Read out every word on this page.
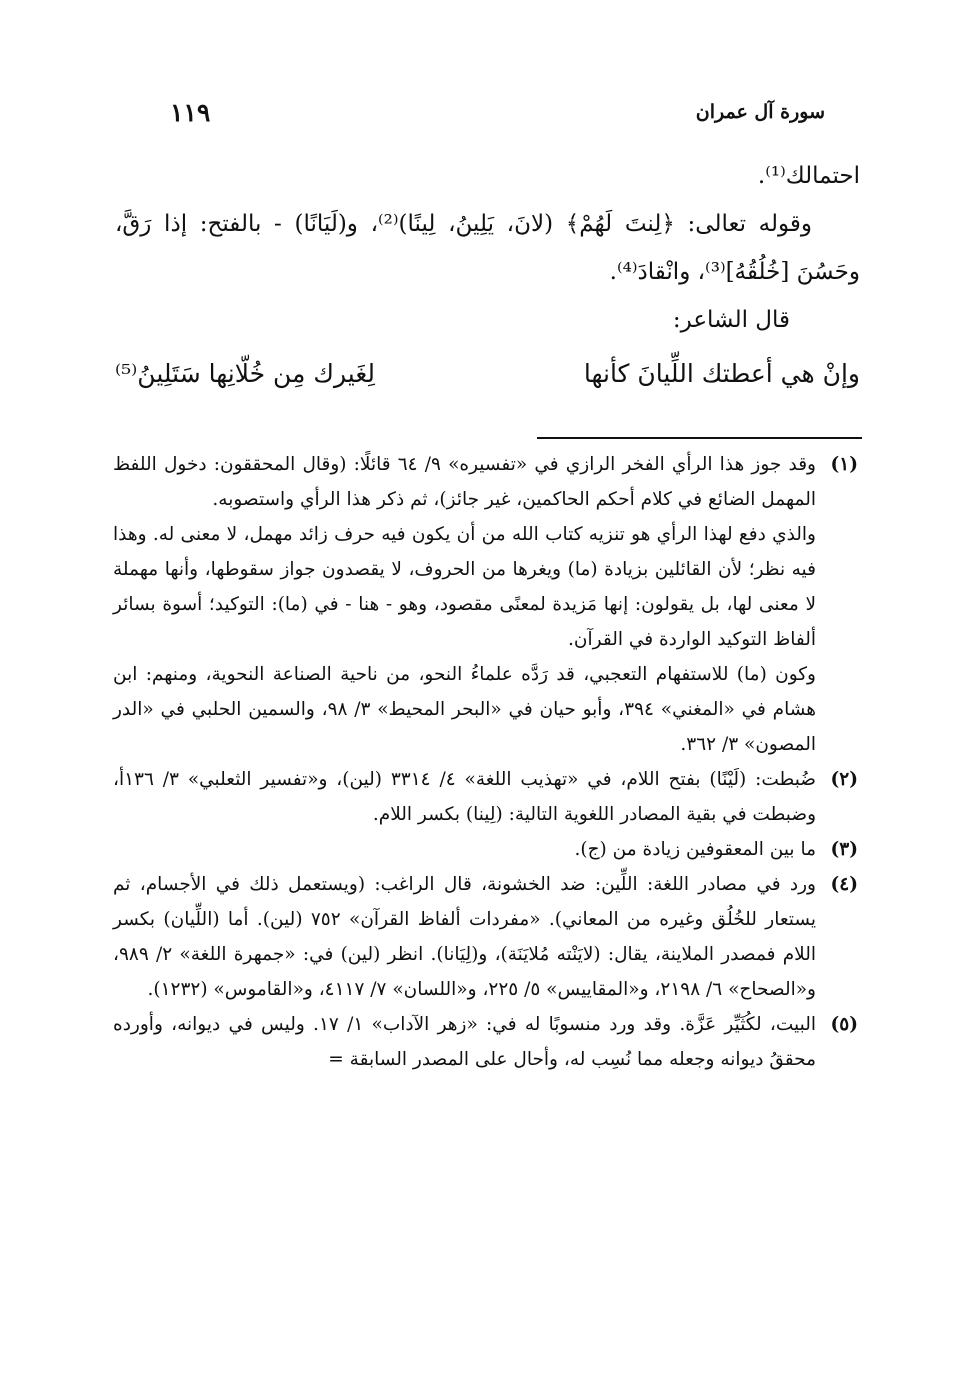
سورة آل عمران
١١٩

احتمالك⁽¹⁾.

وقوله تعالى: ﴿لِنتَ لَهُمْ﴾ (لانَ، يَلِينُ، لِينًا)⁽²⁾، و(لَيَانًا) - بالفتح: إذا رَقَّ، وحَسُنَ [خُلُقُهُ]⁽³⁾، وانْقادَ⁽⁴⁾.

قال الشاعر:

وإنْ هي أعطتك اللِّيانَ كأنها
لِغَيرك مِن خُلّانِها سَتَلِينُ⁽⁵⁾
(١)

وقد جوز هذا الرأي الفخر الرازي في «تفسيره» ٩/ ٦٤ قائلًا: (وقال المحققون: دخول اللفظ المهمل الضائع في كلام أحكم الحاكمين، غير جائز)، ثم ذكر هذا الرأي واستصوبه.

والذي دفع لهذا الرأي هو تنزيه كتاب الله من أن يكون فيه حرف زائد مهمل، لا معنى له. وهذا فيه نظر؛ لأن القائلين بزيادة (ما) ويغرها من الحروف، لا يقصدون جواز سقوطها، وأنها مهملة لا معنى لها، بل يقولون: إنها مَزيدة لمعنًى مقصود، وهو - هنا - في (ما): التوكيد؛ أسوة بسائر ألفاظ التوكيد الواردة في القرآن.

وكون (ما) للاستفهام التعجبي، قد رَدَّه علماءُ النحو، من ناحية الصناعة النحوية، ومنهم: ابن هشام في «المغني» ٣٩٤، وأبو حيان في «البحر المحيط» ٣/ ٩٨، والسمين الحلبي في «الدر المصون» ٣/ ٣٦٢.

(٢)

ضُبطت: (لَيْنًا) بفتح اللام، في «تهذيب اللغة» ٤/ ٣٣١٤ (لين)، و«تفسير الثعلبي» ٣/ ١٣٦أ، وضبطت في بقية المصادر اللغوية التالية: (لِينا) بكسر اللام.

(٣)

ما بين المعقوفين زيادة من (ج).

(٤)

ورد في مصادر اللغة: اللِّين: ضد الخشونة، قال الراغب: (ويستعمل ذلك في الأجسام، ثم يستعار للخُلُق وغيره من المعاني). «مفردات ألفاظ القرآن» ٧٥٢ (لين). أما (اللِّيان) بكسر اللام فمصدر الملاينة، يقال: (لايَنْته مُلايَنَة)، و(لِيَانا). انظر (لين) في: «جمهرة اللغة» ٢/ ٩٨٩، و«الصحاح» ٦/ ٢١٩٨، و«المقاييس» ٥/ ٢٢٥، و«اللسان» ٧/ ٤١١٧، و«القاموس» (١٢٣٢).

(٥)

البيت، لكُثَيِّر عَزَّة. وقد ورد منسوبًا له في: «زهر الآداب» ١/ ١٧. وليس في ديوانه، وأورده محققُ ديوانه وجعله مما نُسِب له، وأحال على المصدر السابقة =
